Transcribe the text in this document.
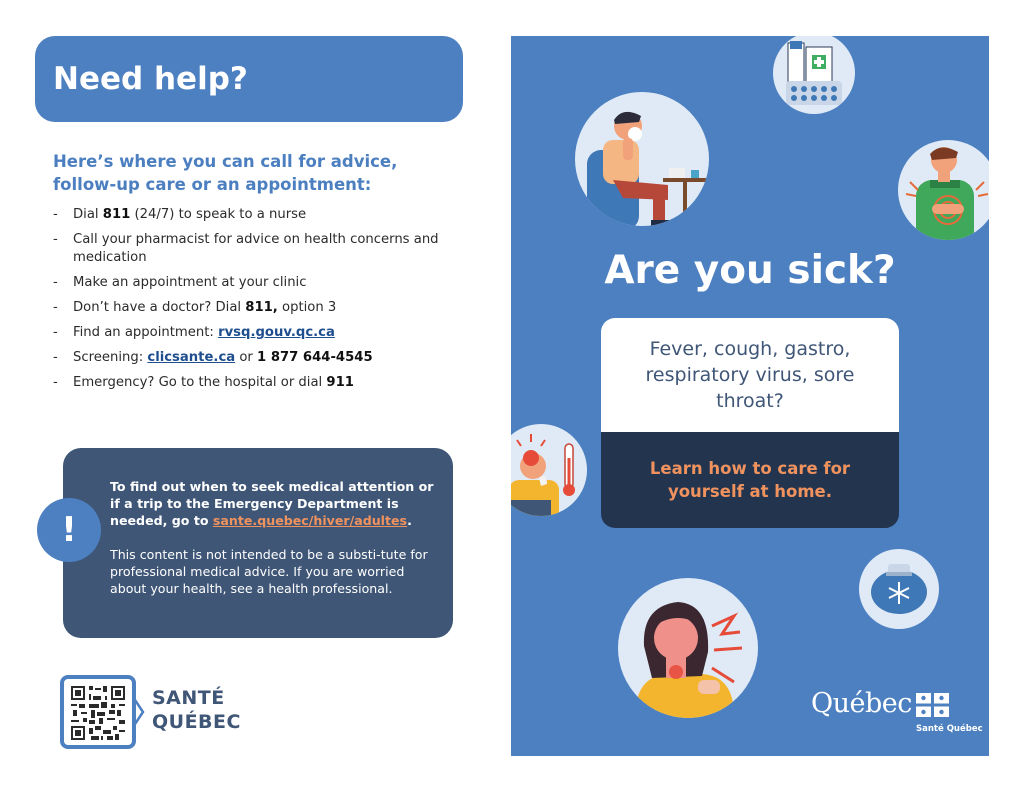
Need help?
Here’s where you can call for advice, follow-up care or an appointment:
- Dial 811 (24/7) to speak to a nurse
- Call your pharmacist for advice on health concerns and medication
- Make an appointment at your clinic
- Don’t have a doctor? Dial 811, option 3
- Find an appointment: rvsq.gouv.qc.ca
- Screening: clicsante.ca or 1 877 644-4545
- Emergency? Go to the hospital or dial 911
To find out when to seek medical attention or if a trip to the Emergency Department is needed, go to sante.quebec/hiver/adultes.
This content is not intended to be a substi-tute for professional medical advice. If you are worried about your health, see a health professional.
!
SANTÉ
QUÉBEC
Are you sick?
Fever, cough, gastro, respiratory virus, sore throat?
Learn how to care for yourself at home.
Québec
Santé Québec
